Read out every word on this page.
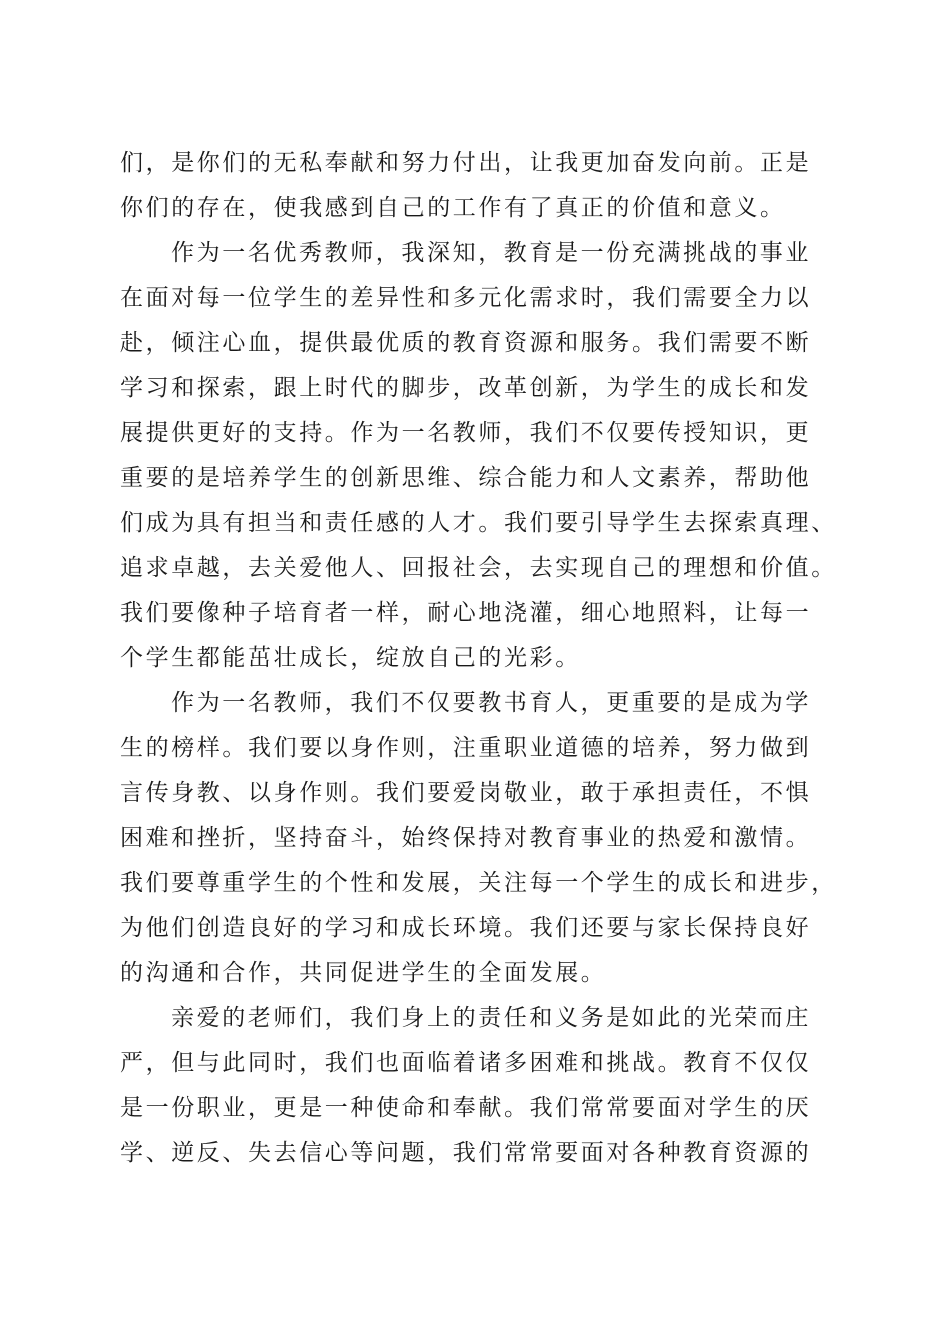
们，是你们的无私奉献和努力付出，让我更加奋发向前。正是
你们的存在，使我感到自己的工作有了真正的价值和意义。
作为一名优秀教师，我深知，教育是一份充满挑战的事业
在面对每一位学生的差异性和多元化需求时，我们需要全力以
赴，倾注心血，提供最优质的教育资源和服务。我们需要不断
学习和探索，跟上时代的脚步，改革创新，为学生的成长和发
展提供更好的支持。作为一名教师，我们不仅要传授知识，更
重要的是培养学生的创新思维、综合能力和人文素养，帮助他
们成为具有担当和责任感的人才。我们要引导学生去探索真理、
追求卓越，去关爱他人、回报社会，去实现自己的理想和价值。
我们要像种子培育者一样，耐心地浇灌，细心地照料，让每一
个学生都能茁壮成长，绽放自己的光彩。
作为一名教师，我们不仅要教书育人，更重要的是成为学
生的榜样。我们要以身作则，注重职业道德的培养，努力做到
言传身教、以身作则。我们要爱岗敬业，敢于承担责任，不惧
困难和挫折，坚持奋斗，始终保持对教育事业的热爱和激情。
我们要尊重学生的个性和发展，关注每一个学生的成长和进步，
为他们创造良好的学习和成长环境。我们还要与家长保持良好
的沟通和合作，共同促进学生的全面发展。
亲爱的老师们，我们身上的责任和义务是如此的光荣而庄
严，但与此同时，我们也面临着诸多困难和挑战。教育不仅仅
是一份职业，更是一种使命和奉献。我们常常要面对学生的厌
学、逆反、失去信心等问题，我们常常要面对各种教育资源的
